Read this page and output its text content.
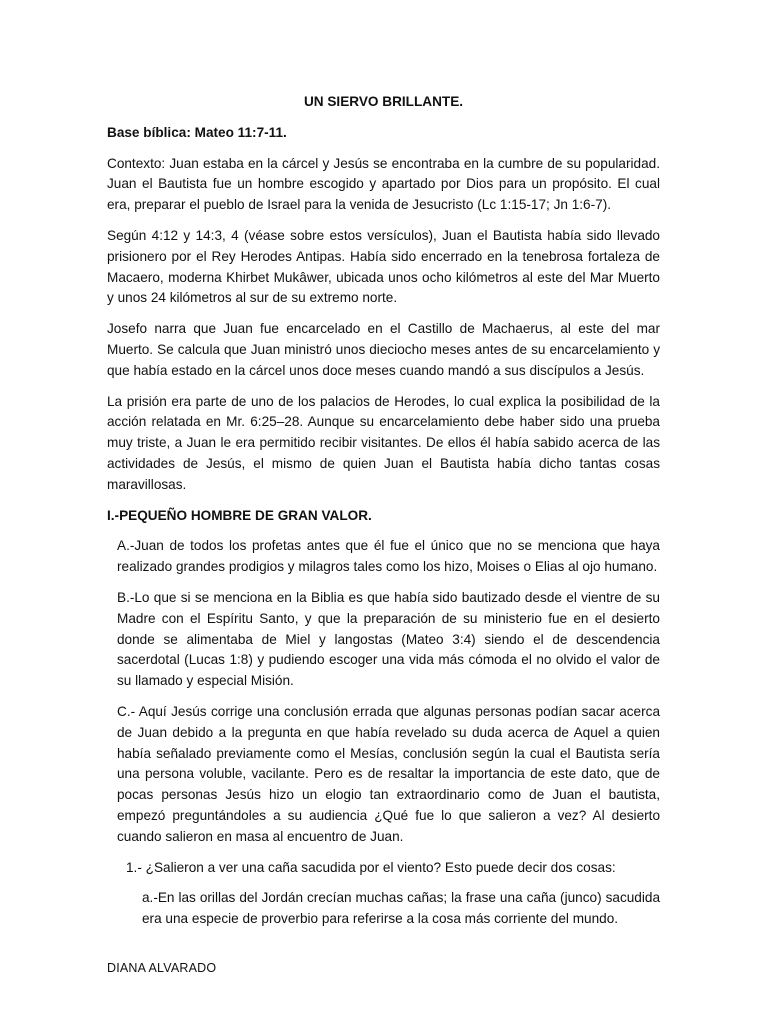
UN SIERVO BRILLANTE.
Base bíblica: Mateo 11:7-11.

Contexto: Juan estaba en la cárcel y Jesús se encontraba en la cumbre de su popularidad. Juan el Bautista fue un hombre escogido y apartado por Dios para un propósito. El cual era, preparar el pueblo de Israel para la venida de Jesucristo (Lc 1:15-17; Jn 1:6-7).

Según 4:12 y 14:3, 4 (véase sobre estos versículos), Juan el Bautista había sido llevado prisionero por el Rey Herodes Antipas. Había sido encerrado en la tenebrosa fortaleza de Macaero, moderna Khirbet Mukâwer, ubicada unos ocho kilómetros al este del Mar Muerto y unos 24 kilómetros al sur de su extremo norte.

Josefo narra que Juan fue encarcelado en el Castillo de Machaerus, al este del mar Muerto. Se calcula que Juan ministró unos dieciocho meses antes de su encarcelamiento y que había estado en la cárcel unos doce meses cuando mandó a sus discípulos a Jesús.

La prisión era parte de uno de los palacios de Herodes, lo cual explica la posibilidad de la acción relatada en Mr. 6:25–28. Aunque su encarcelamiento debe haber sido una prueba muy triste, a Juan le era permitido recibir visitantes. De ellos él había sabido acerca de las actividades de Jesús, el mismo de quien Juan el Bautista había dicho tantas cosas maravillosas.

I.-PEQUEÑO HOMBRE DE GRAN VALOR.

A.-Juan de todos los profetas antes que él fue el único que no se menciona que haya realizado grandes prodigios y milagros tales como los hizo, Moises o Elias al ojo humano.

B.-Lo que si se menciona en la Biblia es que había sido bautizado desde el vientre de su Madre con el Espíritu Santo, y que la preparación de su ministerio fue en el desierto donde se alimentaba de Miel y langostas (Mateo 3:4) siendo el de descendencia sacerdotal (Lucas 1:8) y pudiendo escoger una vida más cómoda el no olvido el valor de su llamado y especial Misión.

C.- Aquí Jesús corrige una conclusión errada que algunas personas podían sacar acerca de Juan debido a la pregunta en que había revelado su duda acerca de Aquel a quien había señalado previamente como el Mesías, conclusión según la cual el Bautista sería una persona voluble, vacilante. Pero es de resaltar la importancia de este dato, que de pocas personas Jesús hizo un elogio tan extraordinario como de Juan el bautista, empezó preguntándoles a su audiencia ¿Qué fue lo que salieron a vez? Al desierto cuando salieron en masa al encuentro de Juan.

1.- ¿Salieron a ver una caña sacudida por el viento? Esto puede decir dos cosas:

a.-En las orillas del Jordán crecían muchas cañas; la frase una caña (junco) sacudida era una especie de proverbio para referirse a la cosa más corriente del mundo.

DIANA ALVARADO
